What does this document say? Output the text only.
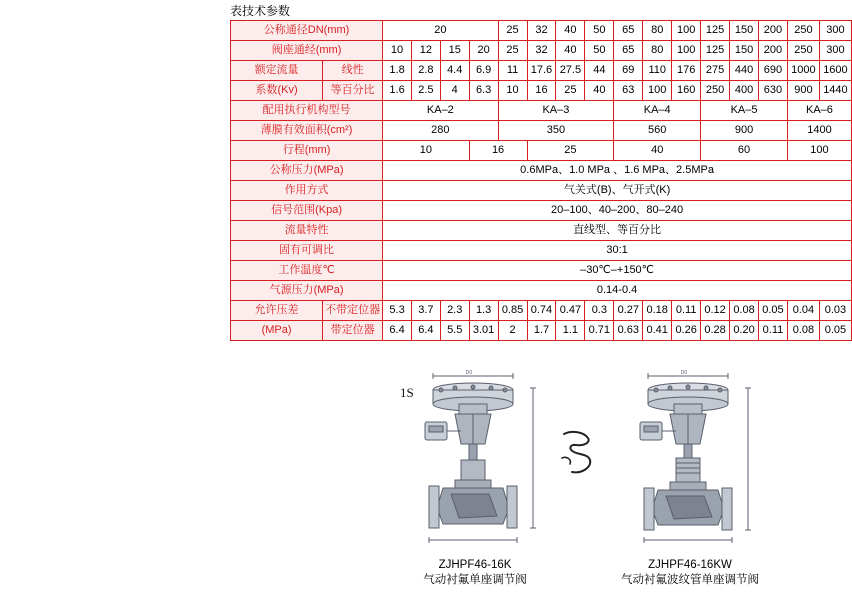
表技术参数
公称通径DN(mm)		20				25	32	40	50	65	80	100	125	150	200	250	300
阀座通经(mm)		10	12	15	20	25	32	40	50	65	80	100	125	150	200	250	300
额定流量	线性	1.8	2.8	4.4	6.9	11	17.6	27.5	44	69	110	176	275	440	690	1000	1600
系数(Kv)	等百分比	1.6	2.5	4	6.3	10	16	25	40	63	100	160	250	400	630	900	1440
配用执行机构型号		KA–2				KA–3				KA–4			KA–5			KA–6	
薄膜有效面积(cm²)		280				350				560			900			1400	
行程(mm)		10			16		25			40			60			100	
公称压力(MPa)		0.6MPa、1.0 MPa 、1.6 MPa、2.5MPa															
作用方式		气关式(B)、气开式(K)															
信号范围(Kpa)		20–100、40–200、80–240															
流量特性		直线型、等百分比															
固有可调比		30:1															
工作温度℃		–30℃–+150℃															
气源压力(MPa)		0.14-0.4															
允许压差	不带定位器	5.3	3.7	2.3	1.3	0.85	0.74	0.47	0.3	0.27	0.18	0.11	0.12	0.08	0.05	0.04	0.03
(MPa)	带定位器	6.4	6.4	5.5	3.01	2	1.7	1.1	0.71	0.63	0.41	0.26	0.28	0.20	0.11	0.08	0.05
D0
ZJHPF46-16K
气动衬氟单座调节阀
D0
ZJHPF46-16KW
气动衬氟波纹管单座调节阀
1S
